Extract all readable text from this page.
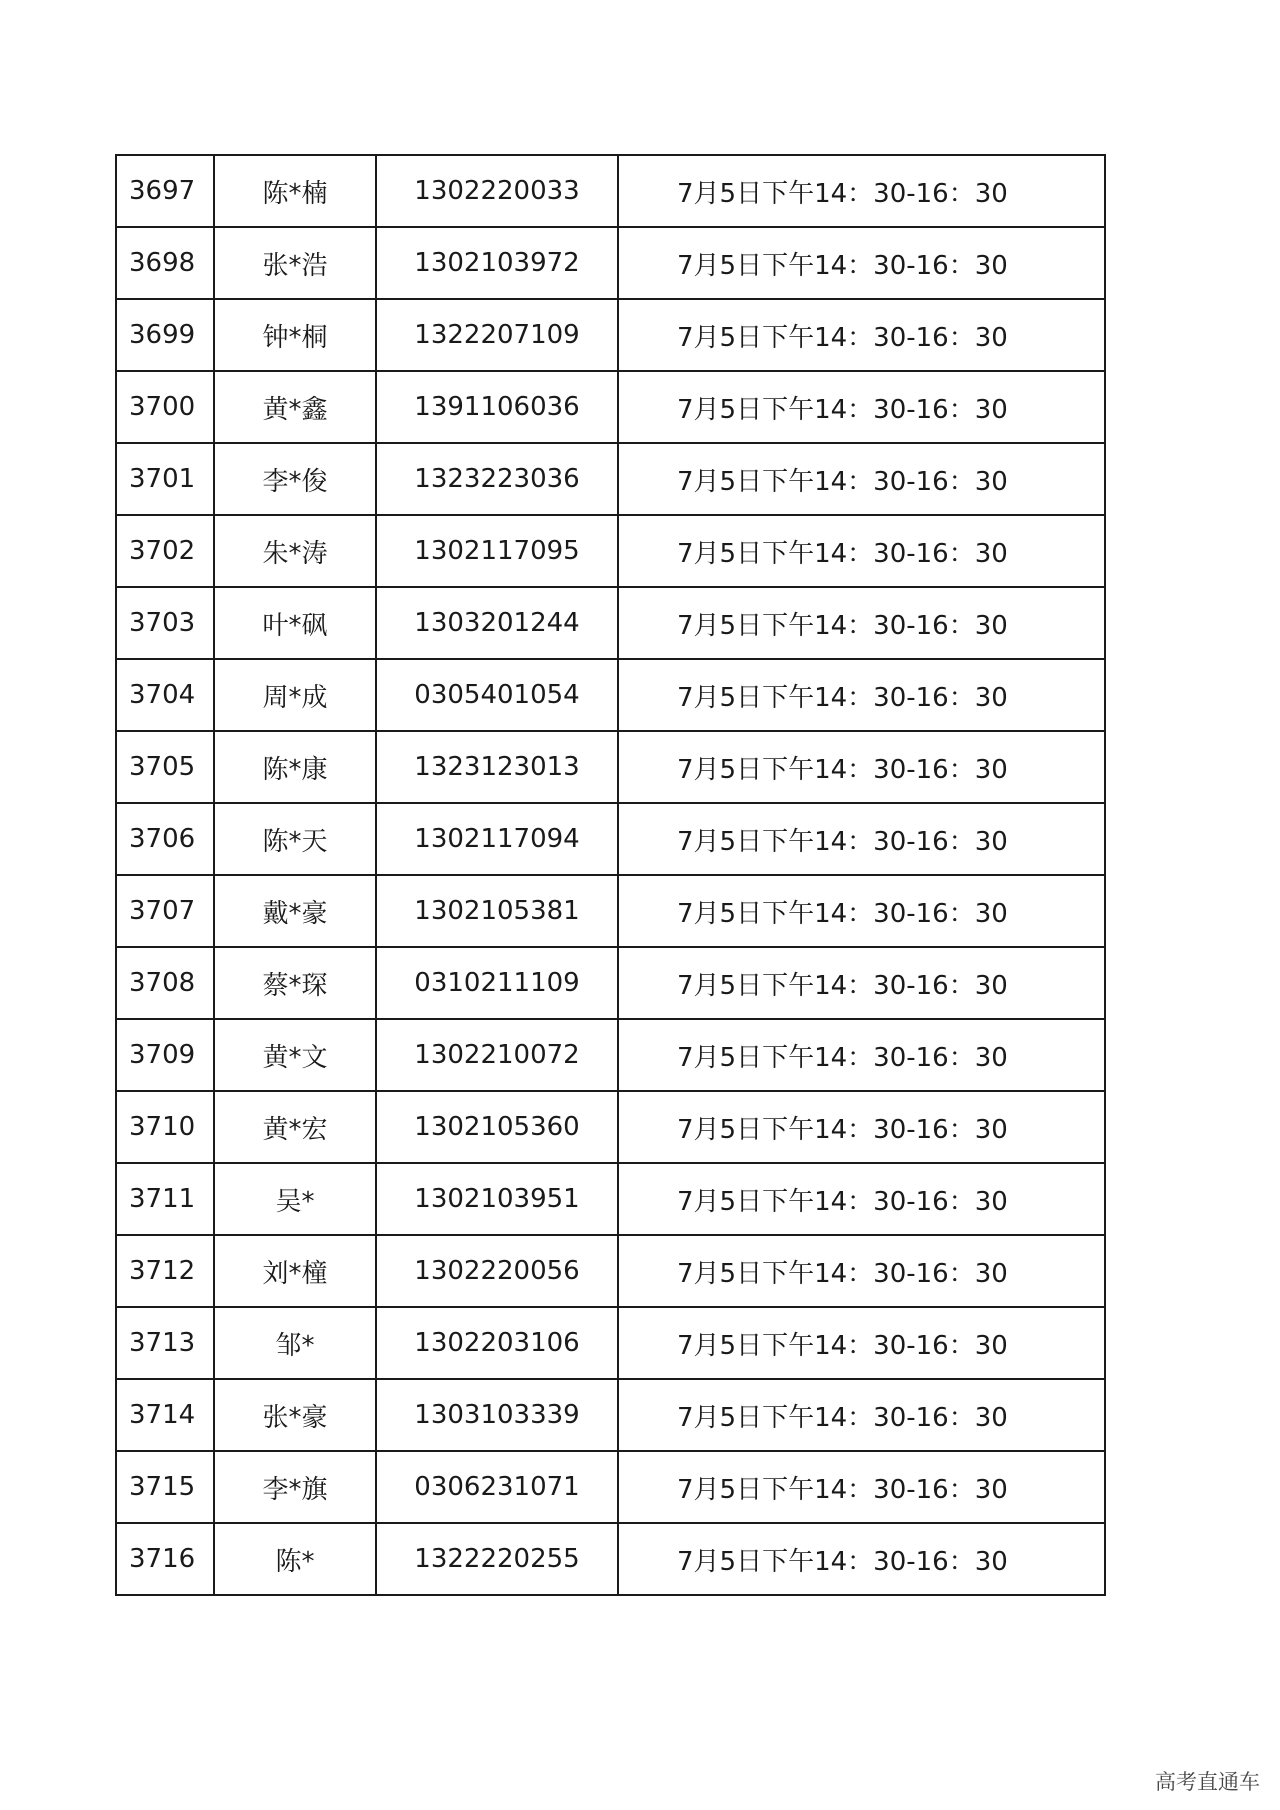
3697	陈*楠	1302220033	7月5日下午14：30-16：30
3698	张*浩	1302103972	7月5日下午14：30-16：30
3699	钟*桐	1322207109	7月5日下午14：30-16：30
3700	黄*鑫	1391106036	7月5日下午14：30-16：30
3701	李*俊	1323223036	7月5日下午14：30-16：30
3702	朱*涛	1302117095	7月5日下午14：30-16：30
3703	叶*砜	1303201244	7月5日下午14：30-16：30
3704	周*成	0305401054	7月5日下午14：30-16：30
3705	陈*康	1323123013	7月5日下午14：30-16：30
3706	陈*天	1302117094	7月5日下午14：30-16：30
3707	戴*豪	1302105381	7月5日下午14：30-16：30
3708	蔡*琛	0310211109	7月5日下午14：30-16：30
3709	黄*文	1302210072	7月5日下午14：30-16：30
3710	黄*宏	1302105360	7月5日下午14：30-16：30
3711	吴*	1302103951	7月5日下午14：30-16：30
3712	刘*橦	1302220056	7月5日下午14：30-16：30
3713	邹*	1302203106	7月5日下午14：30-16：30
3714	张*豪	1303103339	7月5日下午14：30-16：30
3715	李*旗	0306231071	7月5日下午14：30-16：30
3716	陈*	1322220255	7月5日下午14：30-16：30
高考直通车
